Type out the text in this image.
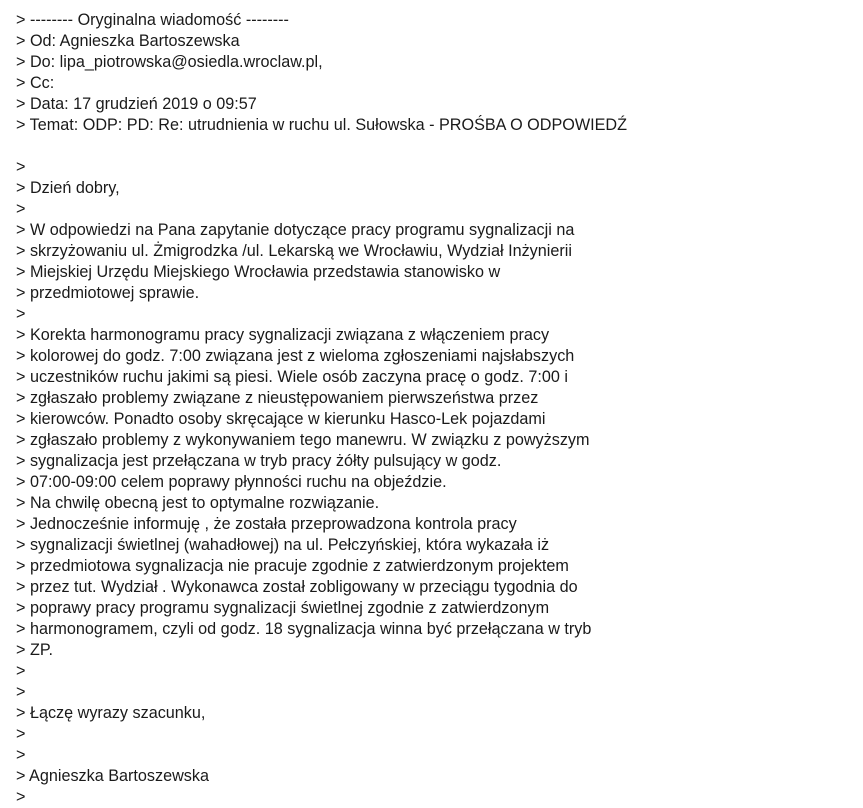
> -------- Oryginalna wiadomość --------
> Od: Agnieszka Bartoszewska
> Do: lipa_piotrowska@osiedla.wroclaw.pl,
> Cc:
> Data: 17 grudzień 2019 o 09:57
> Temat: ODP: PD: Re: utrudnienia w ruchu ul. Sułowska - PROŚBA O ODPOWIEDŹ
>
> Dzień dobry,
>
> W odpowiedzi na Pana zapytanie dotyczące pracy programu sygnalizacji na
> skrzyżowaniu ul. Żmigrodzka /ul. Lekarską we Wrocławiu, Wydział Inżynierii
> Miejskiej Urzędu Miejskiego Wrocławia przedstawia stanowisko w
> przedmiotowej sprawie.
>
> Korekta harmonogramu pracy sygnalizacji związana z włączeniem pracy
> kolorowej do godz. 7:00 związana jest z wieloma zgłoszeniami najsłabszych
> uczestników ruchu jakimi są piesi. Wiele osób zaczyna pracę o godz. 7:00 i
> zgłaszało problemy związane z nieustępowaniem pierwszeństwa przez
> kierowców. Ponadto osoby skręcające w kierunku Hasco-Lek pojazdami
> zgłaszało problemy z wykonywaniem tego manewru. W związku z powyższym
> sygnalizacja jest przełączana w tryb pracy żółty pulsujący w godz.
> 07:00-09:00 celem poprawy płynności ruchu na objeździe.
> Na chwilę obecną jest to optymalne rozwiązanie.
> Jednocześnie informuję , że została przeprowadzona kontrola pracy
> sygnalizacji świetlnej (wahadłowej) na ul. Pełczyńskiej, która wykazała iż
> przedmiotowa sygnalizacja nie pracuje zgodnie z zatwierdzonym projektem
> przez tut. Wydział . Wykonawca został zobligowany w przeciągu tygodnia do
> poprawy pracy programu sygnalizacji świetlnej zgodnie z zatwierdzonym
> harmonogramem, czyli od godz. 18 sygnalizacja winna być przełączana w tryb
> ZP.
>
>
> Łączę wyrazy szacunku,
>
>
> Agnieszka Bartoszewska
>
